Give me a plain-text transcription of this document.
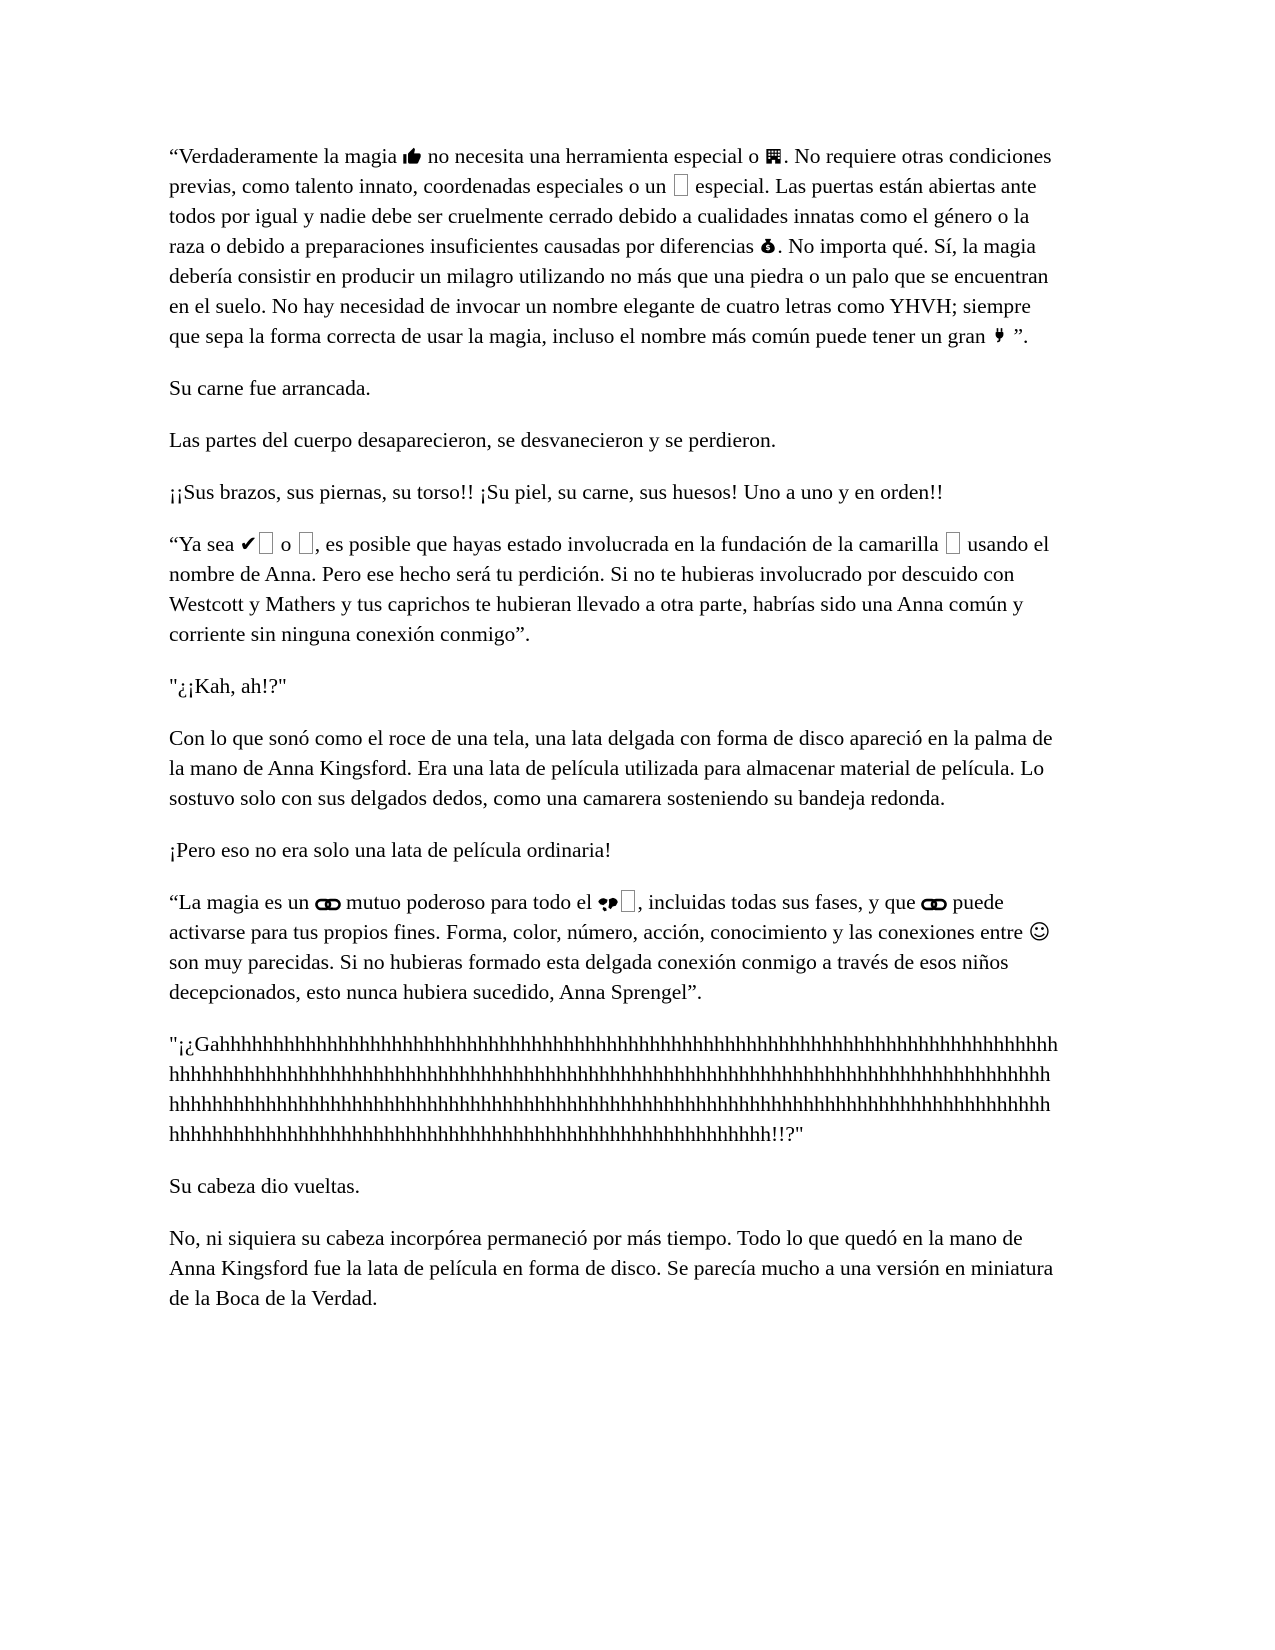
“Verdaderamente la magia  no necesita una herramienta especial o . No requiere otras condiciones previas, como talento innato, coordenadas especiales o un  especial. Las puertas están abiertas ante todos por igual y nadie debe ser cruelmente cerrado debido a cualidades innatas como el género o la raza o debido a preparaciones insuficientes causadas por diferencias $ . No importa qué. Sí, la magia debería consistir en producir un milagro utilizando no más que una piedra o un palo que se encuentran en el suelo. No hay necesidad de invocar un nombre elegante de cuatro letras como YHVH; siempre que sepa la forma correcta de usar la magia, incluso el nombre más común puede tener un gran  ”.

Su carne fue arrancada.

Las partes del cuerpo desaparecieron, se desvanecieron y se perdieron.

¡¡Sus brazos, sus piernas, su torso!! ¡Su piel, su carne, sus huesos! Uno a uno y en orden!!

“Ya sea ✔ o , es posible que hayas estado involucrada en la fundación de la camarilla  usando el nombre de Anna. Pero ese hecho será tu perdición. Si no te hubieras involucrado por descuido con Westcott y Mathers y tus caprichos te hubieran llevado a otra parte, habrías sido una Anna común y corriente sin ninguna conexión conmigo”.

"¿¡Kah, ah!?"

Con lo que sonó como el roce de una tela, una lata delgada con forma de disco apareció en la palma de la mano de Anna Kingsford. Era una lata de película utilizada para almacenar material de película. Lo sostuvo solo con sus delgados dedos, como una camarera sosteniendo su bandeja redonda.

¡Pero eso no era solo una lata de película ordinaria!

“La magia es un  mutuo poderoso para todo el , incluidas todas sus fases, y que  puede activarse para tus propios fines. Forma, color, número, acción, conocimiento y las conexiones entre ☺ son muy parecidas. Si no hubieras formado esta delgada conexión conmigo a través de esos niños decepcionados, esto nunca hubiera sucedido, Anna Sprengel”.

"¡¿Gahhhhhhhhhhhhhhhhhhhhhhhhhhhhhhhhhhhhhhhhhhhhhhhhhhhhhhhhhhhhhhhhhhhhhhhhhhhhhhhhhhhhhhhhhhhhhhhhhhhhhhhhhhhhhhhhhhhhhhhhhhhhhhhhhhhhhhhhhhhhhhhhhhhhhhhhhhhhhhhhhhhhhhhhhhhhhhhhhhhhhhhhhhhhhhhhhhhhhhhhhhhhhhhhhhhhhhhhhhhhhhhhhhhhhhhhhhhhhhhhhhhhhhhhhhhhhhhhhhhhhhhhhhhhhhhhhhhhhhhhhhhhhhhhhhhhhhhhhh!!?"

Su cabeza dio vueltas.

No, ni siquiera su cabeza incorpórea permaneció por más tiempo. Todo lo que quedó en la mano de Anna Kingsford fue la lata de película en forma de disco. Se parecía mucho a una versión en miniatura de la Boca de la Verdad.
